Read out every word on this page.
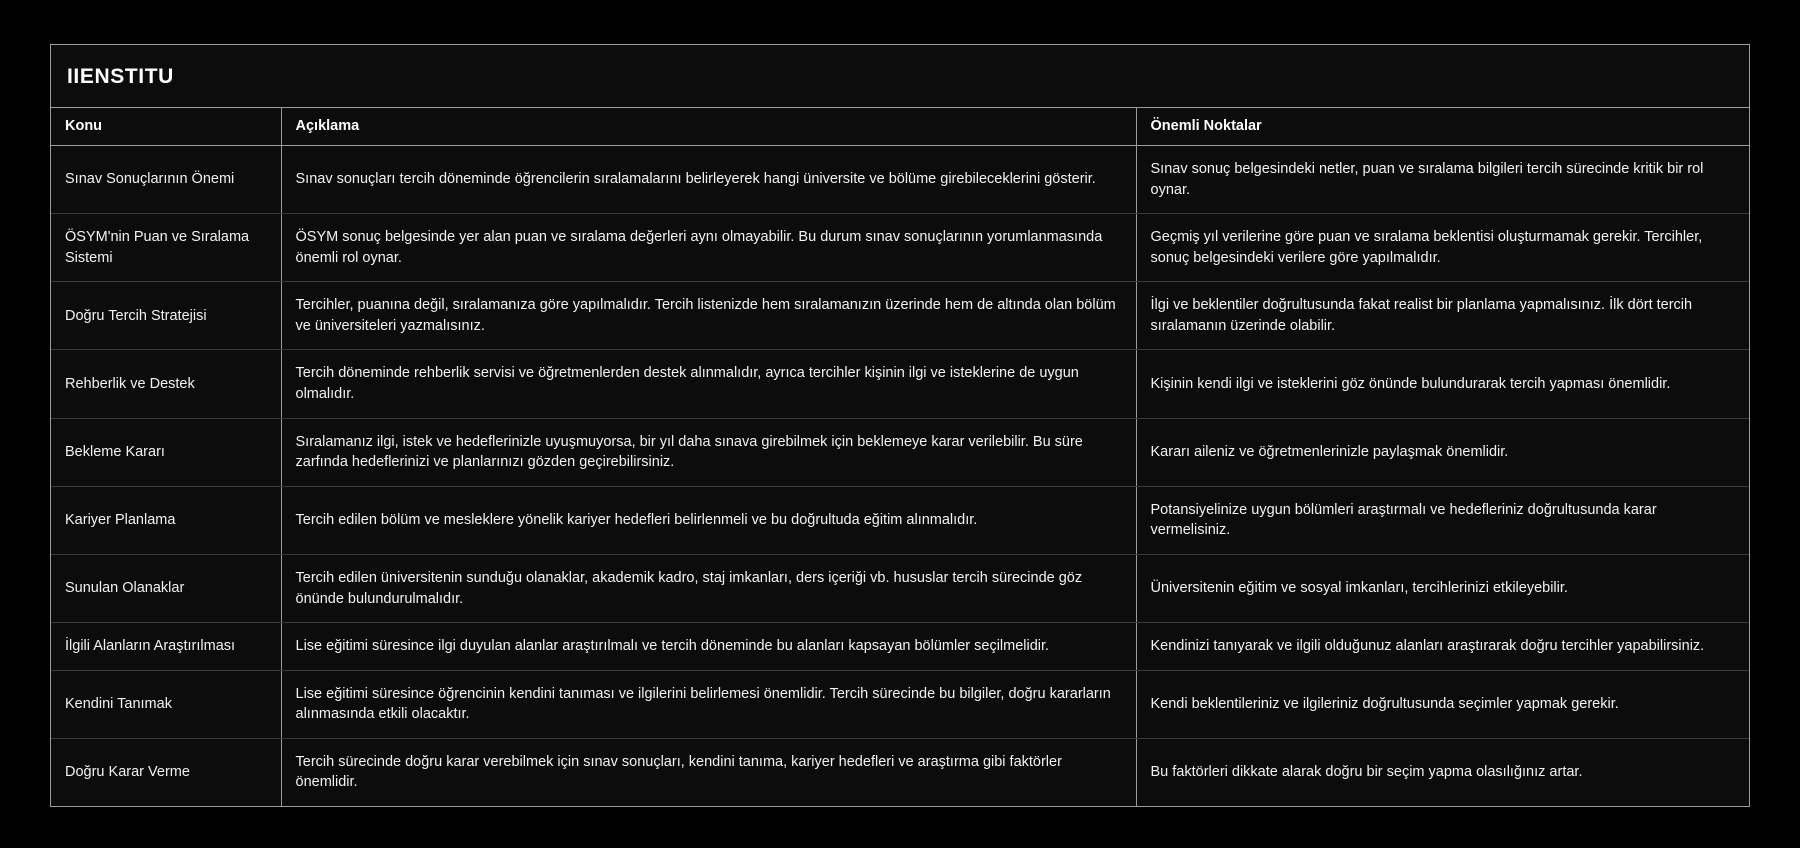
IIENSTITU
Konu	Açıklama	Önemli Noktalar
Sınav Sonuçlarının Önemi	Sınav sonuçları tercih döneminde öğrencilerin sıralamalarını belirleyerek hangi üniversite ve bölüme girebileceklerini gösterir.	Sınav sonuç belgesindeki netler, puan ve sıralama bilgileri tercih sürecinde kritik bir rol oynar.
ÖSYM'nin Puan ve Sıralama Sistemi	ÖSYM sonuç belgesinde yer alan puan ve sıralama değerleri aynı olmayabilir. Bu durum sınav sonuçlarının yorumlanmasında önemli rol oynar.	Geçmiş yıl verilerine göre puan ve sıralama beklentisi oluşturmamak gerekir. Tercihler, sonuç belgesindeki verilere göre yapılmalıdır.
Doğru Tercih Stratejisi	Tercihler, puanına değil, sıralamanıza göre yapılmalıdır. Tercih listenizde hem sıralamanızın üzerinde hem de altında olan bölüm ve üniversiteleri yazmalısınız.	İlgi ve beklentiler doğrultusunda fakat realist bir planlama yapmalısınız. İlk dört tercih sıralamanın üzerinde olabilir.
Rehberlik ve Destek	Tercih döneminde rehberlik servisi ve öğretmenlerden destek alınmalıdır, ayrıca tercihler kişinin ilgi ve isteklerine de uygun olmalıdır.	Kişinin kendi ilgi ve isteklerini göz önünde bulundurarak tercih yapması önemlidir.
Bekleme Kararı	Sıralamanız ilgi, istek ve hedeflerinizle uyuşmuyorsa, bir yıl daha sınava girebilmek için beklemeye karar verilebilir. Bu süre zarfında hedeflerinizi ve planlarınızı gözden geçirebilirsiniz.	Kararı aileniz ve öğretmenlerinizle paylaşmak önemlidir.
Kariyer Planlama	Tercih edilen bölüm ve mesleklere yönelik kariyer hedefleri belirlenmeli ve bu doğrultuda eğitim alınmalıdır.	Potansiyelinize uygun bölümleri araştırmalı ve hedefleriniz doğrultusunda karar vermelisiniz.
Sunulan Olanaklar	Tercih edilen üniversitenin sunduğu olanaklar, akademik kadro, staj imkanları, ders içeriği vb. hususlar tercih sürecinde göz önünde bulundurulmalıdır.	Üniversitenin eğitim ve sosyal imkanları, tercihlerinizi etkileyebilir.
İlgili Alanların Araştırılması	Lise eğitimi süresince ilgi duyulan alanlar araştırılmalı ve tercih döneminde bu alanları kapsayan bölümler seçilmelidir.	Kendinizi tanıyarak ve ilgili olduğunuz alanları araştırarak doğru tercihler yapabilirsiniz.
Kendini Tanımak	Lise eğitimi süresince öğrencinin kendini tanıması ve ilgilerini belirlemesi önemlidir. Tercih sürecinde bu bilgiler, doğru kararların alınmasında etkili olacaktır.	Kendi beklentileriniz ve ilgileriniz doğrultusunda seçimler yapmak gerekir.
Doğru Karar Verme	Tercih sürecinde doğru karar verebilmek için sınav sonuçları, kendini tanıma, kariyer hedefleri ve araştırma gibi faktörler önemlidir.	Bu faktörleri dikkate alarak doğru bir seçim yapma olasılığınız artar.
